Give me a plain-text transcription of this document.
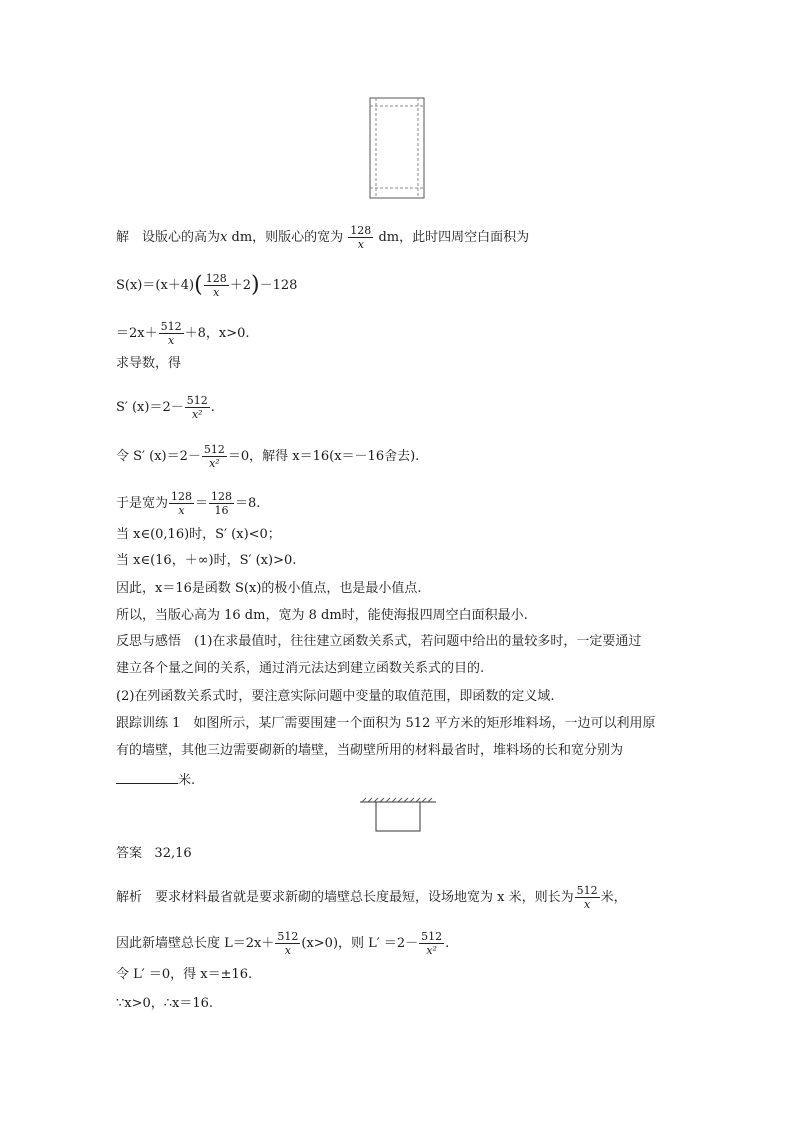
解　设版心的高为x dm，则版心的宽为 $\frac{128}{x}$ dm，此时四周空白面积为
$S(x)=(x+4)( \frac{128}{x} +2)-128$
$=2x+ \frac{512}{x} +8$，x>0.
求导数，得
S′ $(x)=2- \frac{512}{\text{x²}}$ .
令 S′ $(x)=2- \frac{512}{\text{x²}} =0$，解得 x＝16(x＝－16舍去).
于是宽为 $\frac{128}{x} = \frac{128}{16} =8$.
当 x∈(0,16)时，S′ (x)<0；
当 x∈(16，＋∞)时，S′ (x)>0.
因此，x＝16是函数 S(x)的极小值点，也是最小值点.
所以，当版心高为 16 dm，宽为 8 dm时，能使海报四周空白面积最小.
反思与感悟　(1)在求最值时，往往建立函数关系式，若问题中给出的量较多时，一定要通过
建立各个量之间的关系，通过消元法达到建立函数关系式的目的.
(2)在列函数关系式时，要注意实际问题中变量的取值范围，即函数的定义域.
跟踪训练 1　如图所示，某厂需要围建一个面积为 512 平方米的矩形堆料场，一边可以利用原
有的墙壁，其他三边需要砌新的墙壁，当砌壁所用的材料最省时，堆料场的长和宽分别为
米.
答案 32,16
解析　要求材料最省就是要求新砌的墙壁总长度最短，设场地宽为 x 米，则长为 $\frac{512}{x}$ 米，
因此新墙壁总长度 $L=2x+ \frac{512}{x} (x>0)$，则 $L' =2- \frac{512}{\text{x²}}$ .
令 L′ ＝0，得 x＝±16.
∵x>0，∴x＝16.
